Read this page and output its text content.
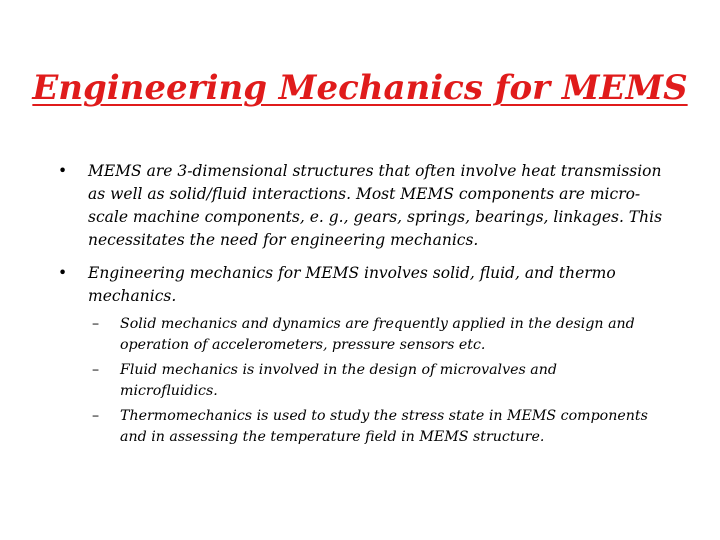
Engineering Mechanics for MEMS
• MEMS are 3-dimensional structures that often involve heat transmission as well as solid/fluid interactions. Most MEMS components are micro-scale machine components, e. g., gears, springs, bearings, linkages. This necessitates the need for engineering mechanics.
• Engineering mechanics for MEMS involves solid, fluid, and thermo mechanics.
– Solid mechanics and dynamics are frequently applied in the design and operation of accelerometers, pressure sensors etc.
– Fluid mechanics is involved in the design of microvalves and microfluidics.
– Thermomechanics is used to study the stress state in MEMS components and in assessing the temperature field in MEMS structure.
